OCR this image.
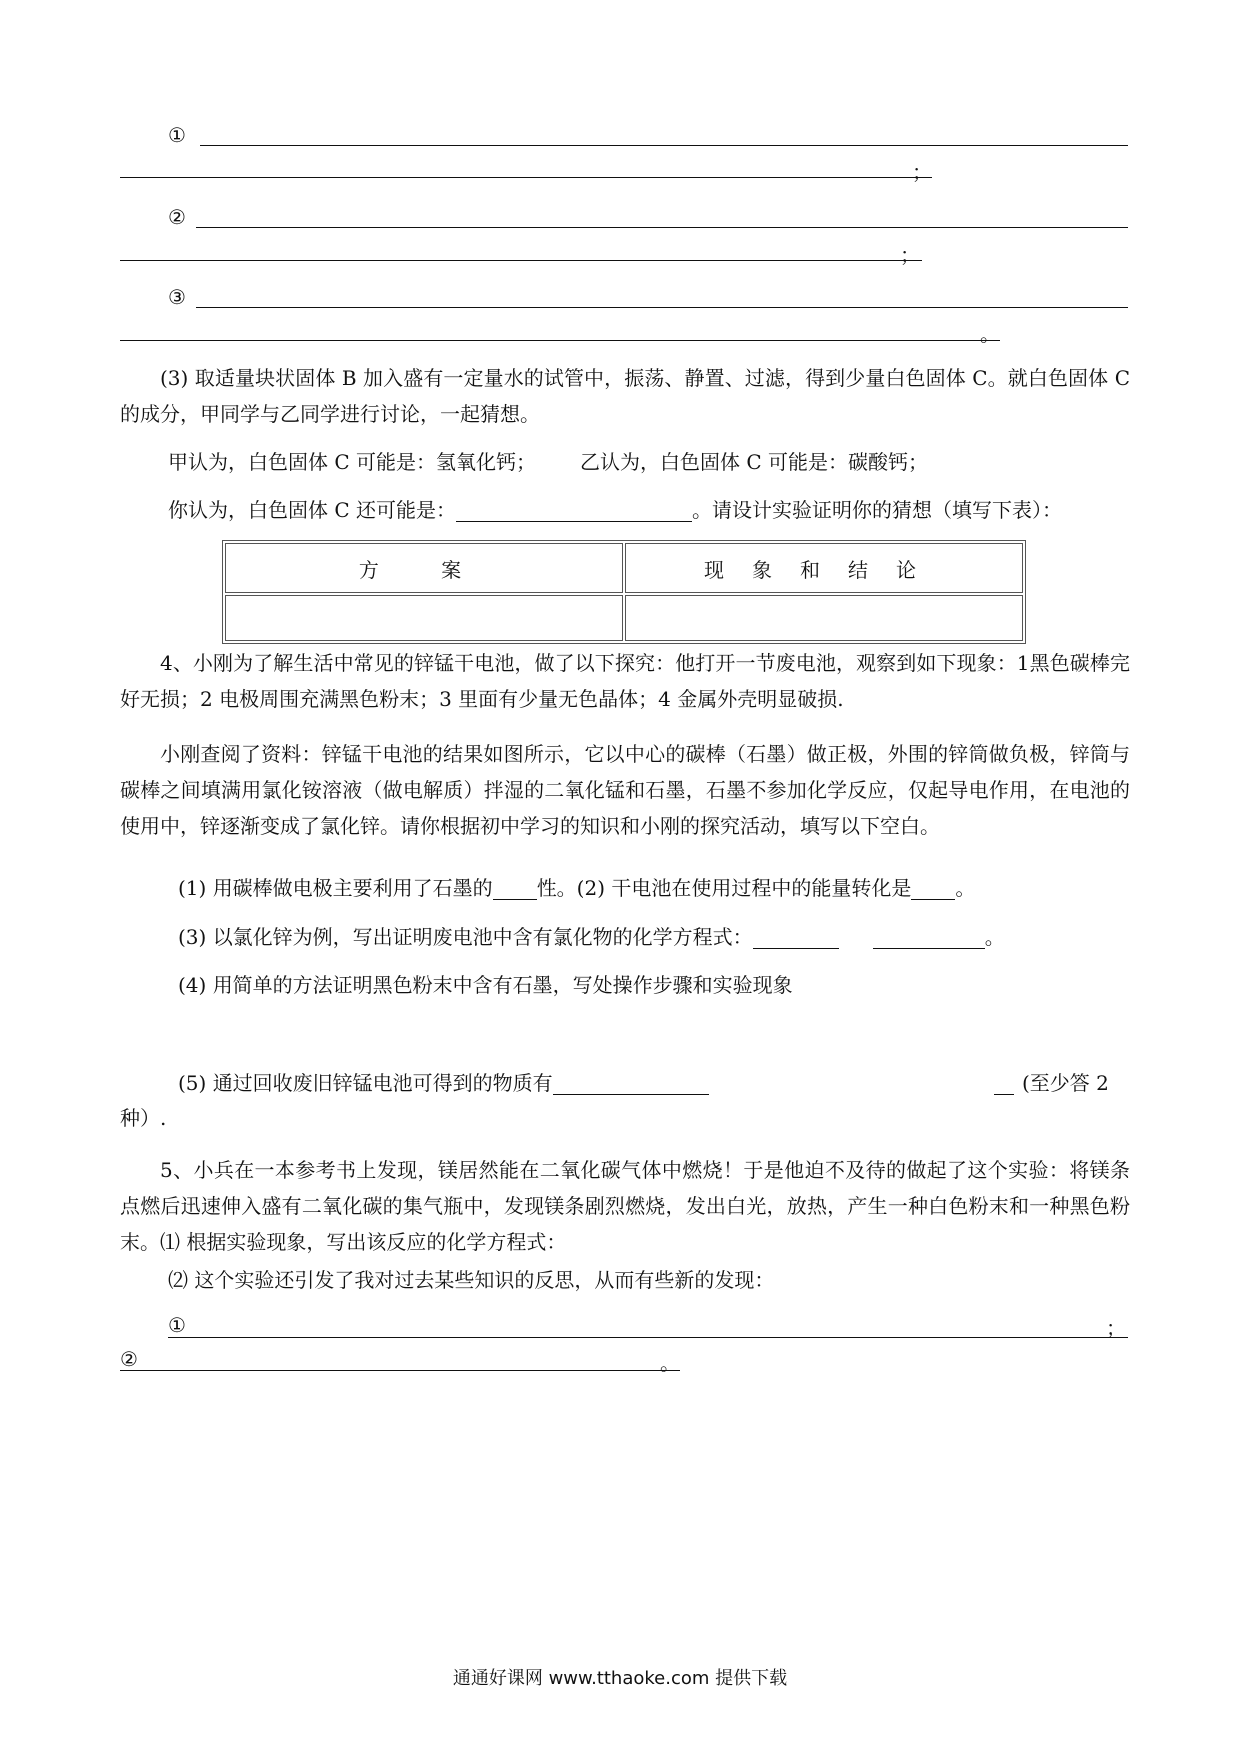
①
；
②
；
③
。
(3) 取适量块状固体 B 加入盛有一定量水的试管中，振荡、静置、过滤，得到少量白色固体 C。就白色固体 C 的成分，甲同学与乙同学进行讨论，一起猜想。
甲认为，白色固体 C 可能是：氢氧化钙； 乙认为，白色固体 C 可能是：碳酸钙；
你认为，白色固体 C 还可能是：	。请设计实验证明你的猜想（填写下表）：
方 案	现象和结论

4、小刚为了解生活中常见的锌锰干电池，做了以下探究：他打开一节废电池，观察到如下现象：1黑色碳棒完好无损；2 电极周围充满黑色粉末；3 里面有少量无色晶体；4 金属外壳明显破损.
小刚查阅了资料：锌锰干电池的结果如图所示，它以中心的碳棒（石墨）做正极，外围的锌筒做负极，锌筒与碳棒之间填满用氯化铵溶液（做电解质）拌湿的二氧化锰和石墨，石墨不参加化学反应，仅起导电作用，在电池的使用中，锌逐渐变成了氯化锌。请你根据初中学习的知识和小刚的探究活动，填写以下空白。
(1) 用碳棒做电极主要利用了石墨的 性。(2) 干电池在使用过程中的能量转化是 。
(3) 以氯化锌为例，写出证明废电池中含有氯化物的化学方程式：	。
(4) 用简单的方法证明黑色粉末中含有石墨，写处操作步骤和实验现象
(5) 通过回收废旧锌锰电池可得到的物质有	(至少答 2
种）.
5、小兵在一本参考书上发现，镁居然能在二氧化碳气体中燃烧！于是他迫不及待的做起了这个实验：将镁条点燃后迅速伸入盛有二氧化碳的集气瓶中，发现镁条剧烈燃烧，发出白光，放热，产生一种白色粉末和一种黑色粉末。⑴ 根据实验现象，写出该反应的化学方程式：
⑵ 这个实验还引发了我对过去某些知识的反思，从而有些新的发现：
①	；
②	。
通通好课网 www.tthaoke.com 提供下载
